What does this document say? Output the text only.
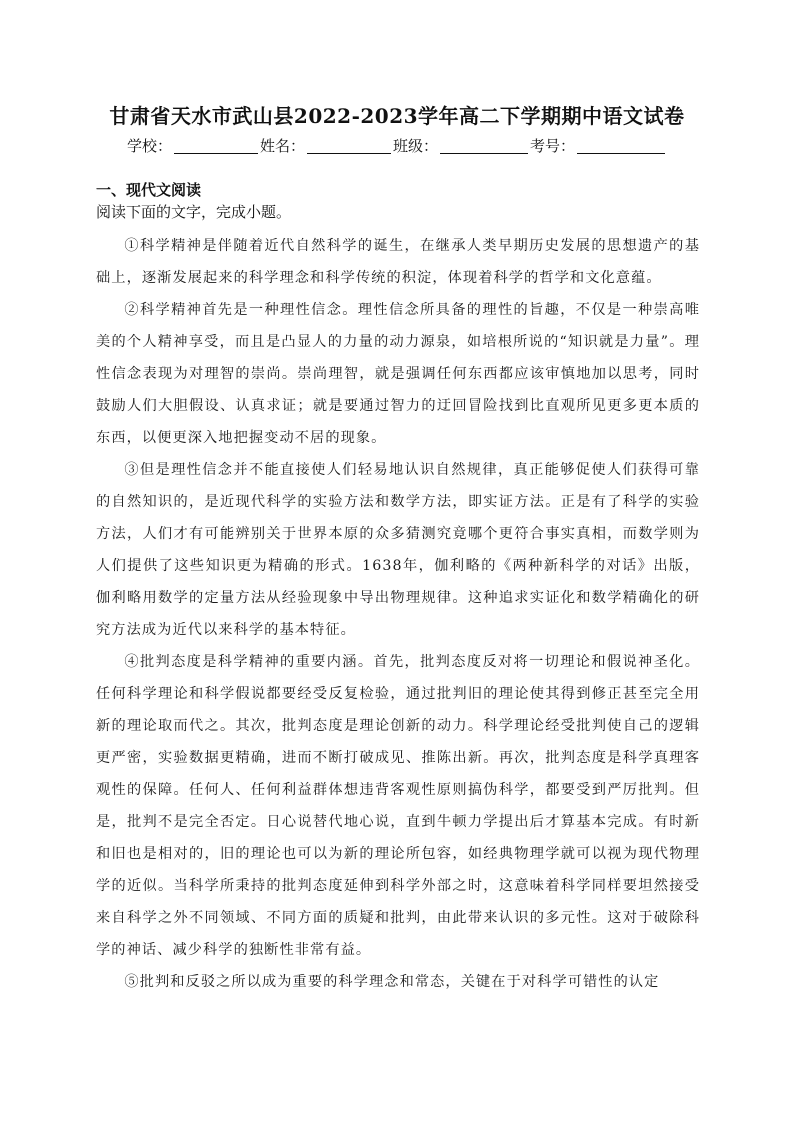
甘肃省天水市武山县2022-2023学年高二下学期期中语文试卷
学校：	姓名：	班级：	考号：
一、现代文阅读
阅读下面的文字，完成小题。

①科学精神是伴随着近代自然科学的诞生，在继承人类早期历史发展的思想遗产的基础上，逐渐发展起来的科学理念和科学传统的积淀，体现着科学的哲学和文化意蕴。

②科学精神首先是一种理性信念。理性信念所具备的理性的旨趣，不仅是一种崇高唯美的个人精神享受，而且是凸显人的力量的动力源泉，如培根所说的“知识就是力量”。理性信念表现为对理智的崇尚。崇尚理智，就是强调任何东西都应该审慎地加以思考，同时鼓励人们大胆假设、认真求证；就是要通过智力的迂回冒险找到比直观所见更多更本质的东西，以便更深入地把握变动不居的现象。

③但是理性信念并不能直接使人们轻易地认识自然规律，真正能够促使人们获得可靠的自然知识的，是近现代科学的实验方法和数学方法，即实证方法。正是有了科学的实验方法，人们才有可能辨别关于世界本原的众多猜测究竟哪个更符合事实真相，而数学则为人们提供了这些知识更为精确的形式。1638年，伽利略的《两种新科学的对话》出版，伽利略用数学的定量方法从经验现象中导出物理规律。这种追求实证化和数学精确化的研究方法成为近代以来科学的基本特征。

④批判态度是科学精神的重要内涵。首先，批判态度反对将一切理论和假说神圣化。任何科学理论和科学假说都要经受反复检验，通过批判旧的理论使其得到修正甚至完全用新的理论取而代之。其次，批判态度是理论创新的动力。科学理论经受批判使自己的逻辑更严密，实验数据更精确，进而不断打破成见、推陈出新。再次，批判态度是科学真理客观性的保障。任何人、任何利益群体想违背客观性原则搞伪科学，都要受到严厉批判。但是，批判不是完全否定。日心说替代地心说，直到牛顿力学提出后才算基本完成。有时新和旧也是相对的，旧的理论也可以为新的理论所包容，如经典物理学就可以视为现代物理学的近似。当科学所秉持的批判态度延伸到科学外部之时，这意味着科学同样要坦然接受来自科学之外不同领域、不同方面的质疑和批判，由此带来认识的多元性。这对于破除科学的神话、减少科学的独断性非常有益。

⑤批判和反驳之所以成为重要的科学理念和常态，关键在于对科学可错性的认定
